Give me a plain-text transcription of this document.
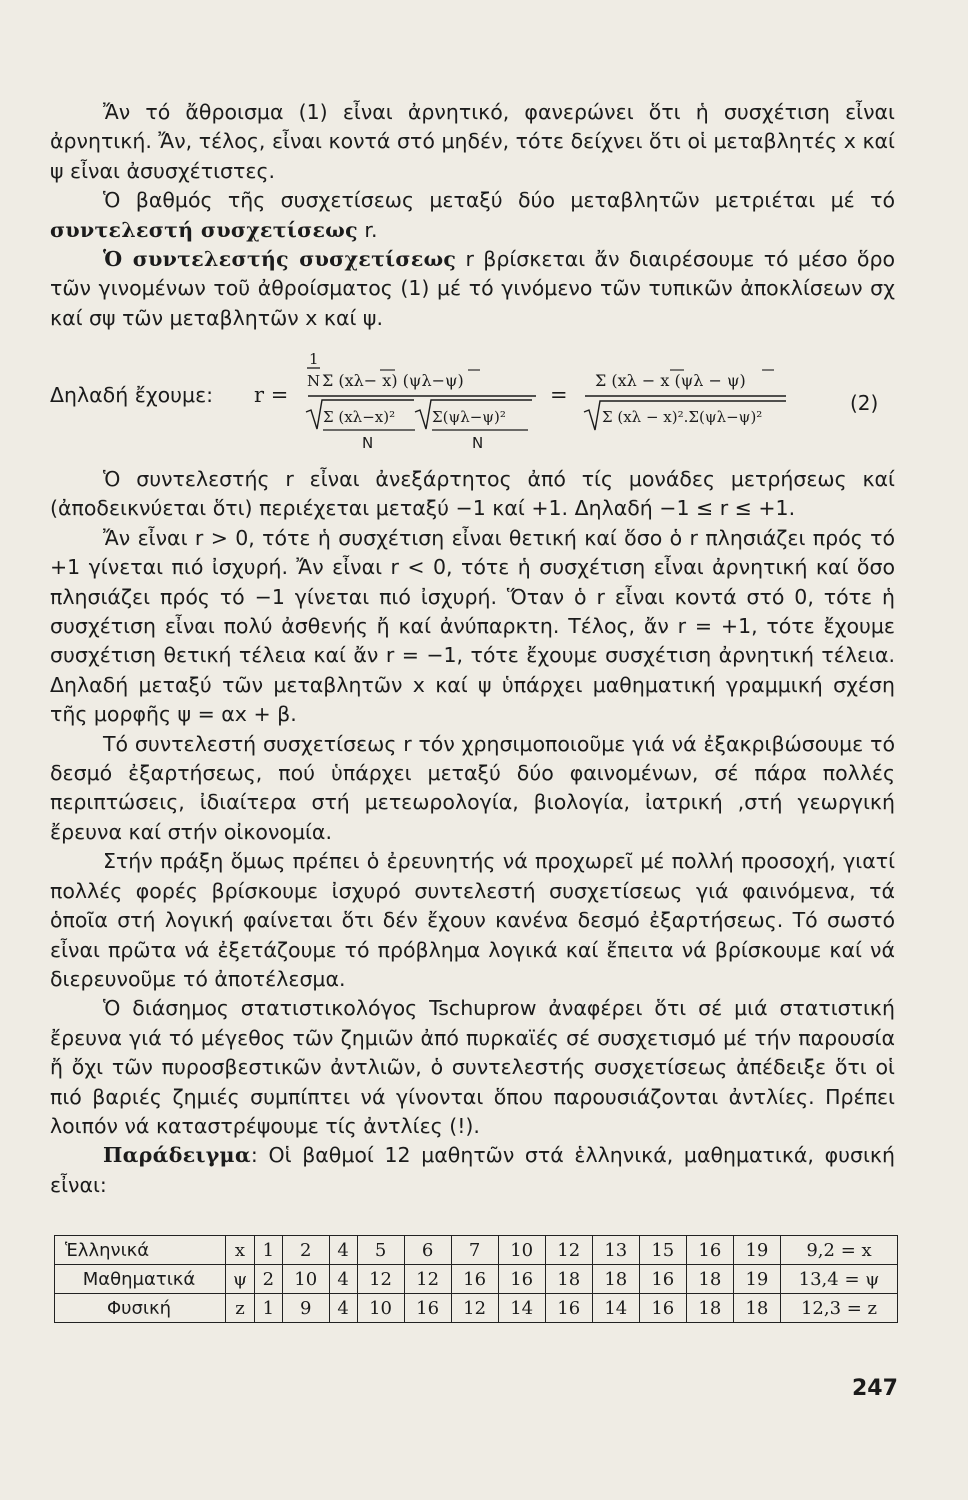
Ἄν τό ἄθροισμα (1) εἶναι ἀρνητικό, φανερώνει ὅτι ἡ συσχέτιση εἶναι ἀρνητική. Ἄν, τέλος, εἶναι κοντά στό μηδέν, τότε δείχνει ὅτι οἱ μεταβλητές x καί ψ εἶναι ἀσυσχέτιστες.

Ὁ βαθμός τῆς συσχετίσεως μεταξύ δύο μεταβλητῶν μετριέται μέ τό συντελεστή συσχετίσεως r.

Ὁ συντελεστής συσχετίσεως r βρίσκεται ἄν διαιρέσουμε τό μέσο ὅρο τῶν γινομένων τοῦ ἀθροίσματος (1) μέ τό γινόμενο τῶν τυπικῶν ἀποκλίσεων σχ καί σψ τῶν μεταβλητῶν x καί ψ.

Δηλαδή ἔχουμε: r =
1
N Σ (xλ− x) (ψλ−ψ)
Σ (xλ−x)² Σ(ψλ−ψ)²
N	N
=
Σ (xλ − x (ψλ − ψ)
Σ (xλ − x)².Σ(ψλ−ψ)²
(2)

Ὁ συντελεστής r εἶναι ἀνεξάρτητος ἀπό τίς μονάδες μετρήσεως καί (ἀποδεικνύεται ὅτι) περιέχεται μεταξύ −1 καί +1. Δηλαδή −1 ≤ r ≤ +1.

Ἄν εἶναι r > 0, τότε ἡ συσχέτιση εἶναι θετική καί ὅσο ὁ r πλησιάζει πρός τό +1 γίνεται πιό ἰσχυρή. Ἄν εἶναι r < 0, τότε ἡ συσχέτιση εἶναι ἀρνητική καί ὅσο πλησιάζει πρός τό −1 γίνεται πιό ἰσχυρή. Ὅταν ὁ r εἶναι κοντά στό 0, τότε ἡ συσχέτιση εἶναι πολύ ἀσθενής ἤ καί ἀνύπαρκτη. Τέλος, ἄν r = +1, τότε ἔχουμε συσχέτιση θετική τέλεια καί ἄν r = −1, τότε ἔχουμε συσχέτιση ἀρνητική τέλεια. Δηλαδή μεταξύ τῶν μεταβλητῶν x καί ψ ὑπάρχει μαθηματική γραμμική σχέση τῆς μορφῆς ψ = αx + β.

Τό συντελεστή συσχετίσεως r τόν χρησιμοποιοῦμε γιά νά ἐξακριβώσουμε τό δεσμό ἐξαρτήσεως, πού ὑπάρχει μεταξύ δύο φαινομένων, σέ πάρα πολλές περιπτώσεις, ἰδιαίτερα στή μετεωρολογία, βιολογία, ἰατρική ,στή γεωργική ἔρευνα καί στήν οἰκονομία.

Στήν πράξη ὅμως πρέπει ὁ ἐρευνητής νά προχωρεῖ μέ πολλή προσοχή, γιατί πολλές φορές βρίσκουμε ἰσχυρό συντελεστή συσχετίσεως γιά φαινόμενα, τά ὁποῖα στή λογική φαίνεται ὅτι δέν ἔχουν κανένα δεσμό ἐξαρτήσεως. Τό σωστό εἶναι πρῶτα νά ἐξετάζουμε τό πρόβλημα λογικά καί ἔπειτα νά βρίσκουμε καί νά διερευνοῦμε τό ἀποτέλεσμα.

Ὁ διάσημος στατιστικολόγος Tschuprow ἀναφέρει ὅτι σέ μιά στατιστική ἔρευνα γιά τό μέγεθος τῶν ζημιῶν ἀπό πυρκαϊές σέ συσχετισμό μέ τήν παρουσία ἤ ὄχι τῶν πυροσβεστικῶν ἀντλιῶν, ὁ συντελεστής συσχετίσεως ἀπέδειξε ὅτι οἱ πιό βαριές ζημιές συμπίπτει νά γίνονται ὅπου παρουσιάζονται ἀντλίες. Πρέπει λοιπόν νά καταστρέψουμε τίς ἀντλίες (!).

Παράδειγμα: Οἱ βαθμοί 12 μαθητῶν στά ἑλληνικά, μαθηματικά, φυσική εἶναι:

Ἑλληνικά	x	1	2	4	5	6	7	10	12	13	15	16	19	9,2 = x
Μαθηματικά	ψ	2	10	4	12	12	16	16	18	18	16	18	19	13,4 = ψ
Φυσική	z	1	9	4	10	16	12	14	16	14	16	18	18	12,3 = z
247
